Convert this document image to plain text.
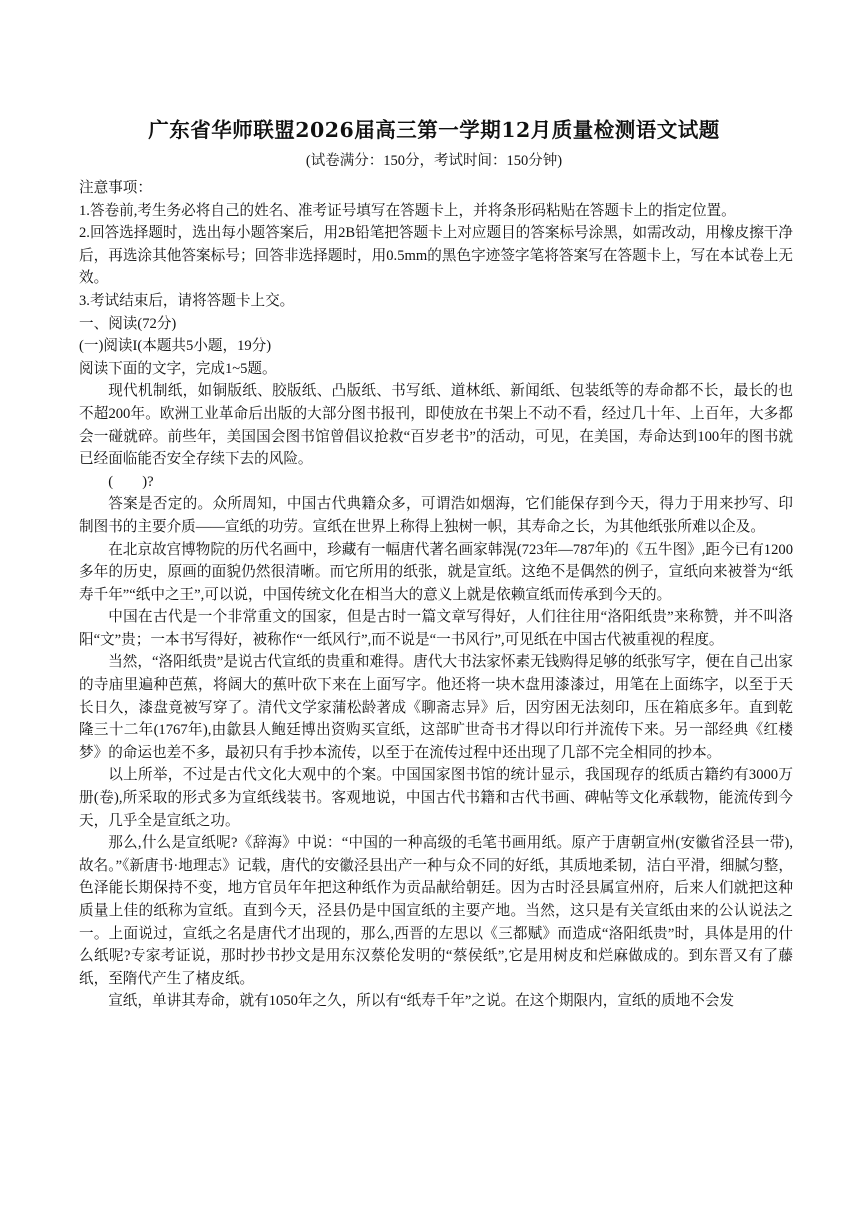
广东省华师联盟2026届高三第一学期12月质量检测语文试题
(试卷满分：150分，考试时间：150分钟)

注意事项：

1.答卷前,考生务必将自己的姓名、准考证号填写在答题卡上，并将条形码粘贴在答题卡上的指定位置。

2.回答选择题时，选出每小题答案后，用2B铅笔把答题卡上对应题目的答案标号涂黑，如需改动，用橡皮擦干净后，再选涂其他答案标号；回答非选择题时，用0.5mm的黑色字迹签字笔将答案写在答题卡上，写在本试卷上无效。

3.考试结束后，请将答题卡上交。

一、阅读(72分)

(一)阅读I(本题共5小题，19分)

阅读下面的文字，完成1~5题。

现代机制纸，如铜版纸、胶版纸、凸版纸、书写纸、道林纸、新闻纸、包装纸等的寿命都不长，最长的也不超200年。欧洲工业革命后出版的大部分图书报刊，即使放在书架上不动不看，经过几十年、上百年，大多都会一碰就碎。前些年，美国国会图书馆曾倡议抢救“百岁老书”的活动，可见，在美国，寿命达到100年的图书就已经面临能否安全存续下去的风险。

(        )?

答案是否定的。众所周知，中国古代典籍众多，可谓浩如烟海，它们能保存到今天，得力于用来抄写、印制图书的主要介质——宣纸的功劳。宣纸在世界上称得上独树一帜，其寿命之长，为其他纸张所难以企及。

在北京故宫博物院的历代名画中，珍藏有一幅唐代著名画家韩滉(723年—787年)的《五牛图》,距今已有1200多年的历史，原画的面貌仍然很清晰。而它所用的纸张，就是宣纸。这绝不是偶然的例子，宣纸向来被誉为“纸寿千年”“纸中之王”,可以说，中国传统文化在相当大的意义上就是依赖宣纸而传承到今天的。

中国在古代是一个非常重文的国家，但是古时一篇文章写得好，人们往往用“洛阳纸贵”来称赞，并不叫洛阳“文”贵；一本书写得好，被称作“一纸风行”,而不说是“一书风行”,可见纸在中国古代被重视的程度。

当然，“洛阳纸贵”是说古代宣纸的贵重和难得。唐代大书法家怀素无钱购得足够的纸张写字，便在自己出家的寺庙里遍种芭蕉，将阔大的蕉叶砍下来在上面写字。他还将一块木盘用漆漆过，用笔在上面练字，以至于天长日久，漆盘竟被写穿了。清代文学家蒲松龄著成《聊斋志异》后，因穷困无法刻印，压在箱底多年。直到乾隆三十二年(1767年),由歙县人鲍廷博出资购买宣纸，这部旷世奇书才得以印行并流传下来。另一部经典《红楼梦》的命运也差不多，最初只有手抄本流传，以至于在流传过程中还出现了几部不完全相同的抄本。

以上所举，不过是古代文化大观中的个案。中国国家图书馆的统计显示，我国现存的纸质古籍约有3000万册(卷),所采取的形式多为宣纸线装书。客观地说，中国古代书籍和古代书画、碑帖等文化承载物，能流传到今天，几乎全是宣纸之功。

那么,什么是宣纸呢?《辞海》中说：“中国的一种高级的毛笔书画用纸。原产于唐朝宣州(安徽省泾县一带),故名。”《新唐书·地理志》记载，唐代的安徽泾县出产一种与众不同的好纸，其质地柔韧，洁白平滑，细腻匀整，色泽能长期保持不变，地方官员年年把这种纸作为贡品献给朝廷。因为古时泾县属宣州府，后来人们就把这种质量上佳的纸称为宣纸。直到今天，泾县仍是中国宣纸的主要产地。当然，这只是有关宣纸由来的公认说法之一。上面说过，宣纸之名是唐代才出现的，那么,西晋的左思以《三都赋》而造成“洛阳纸贵”时，具体是用的什么纸呢?专家考证说，那时抄书抄文是用东汉蔡伦发明的“蔡侯纸”,它是用树皮和烂麻做成的。到东晋又有了藤纸，至隋代产生了楮皮纸。

宣纸，单讲其寿命，就有1050年之久，所以有“纸寿千年”之说。在这个期限内，宣纸的质地不会发
